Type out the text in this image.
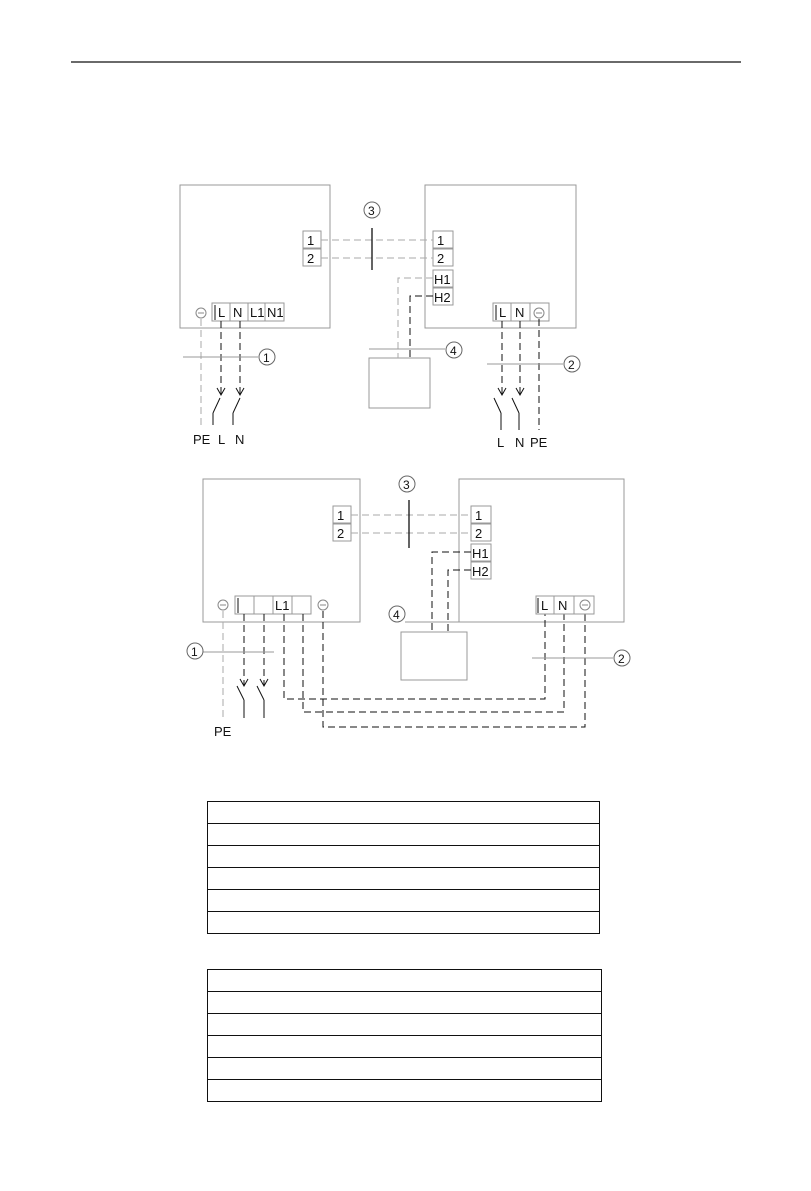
1
2
1
2
H1
H2
3
4
L N L1 N1
1
PE L N
L N
2
L N PE
1
2
1
2
H1
H2
3
4
L1
1
PE
L N
2
